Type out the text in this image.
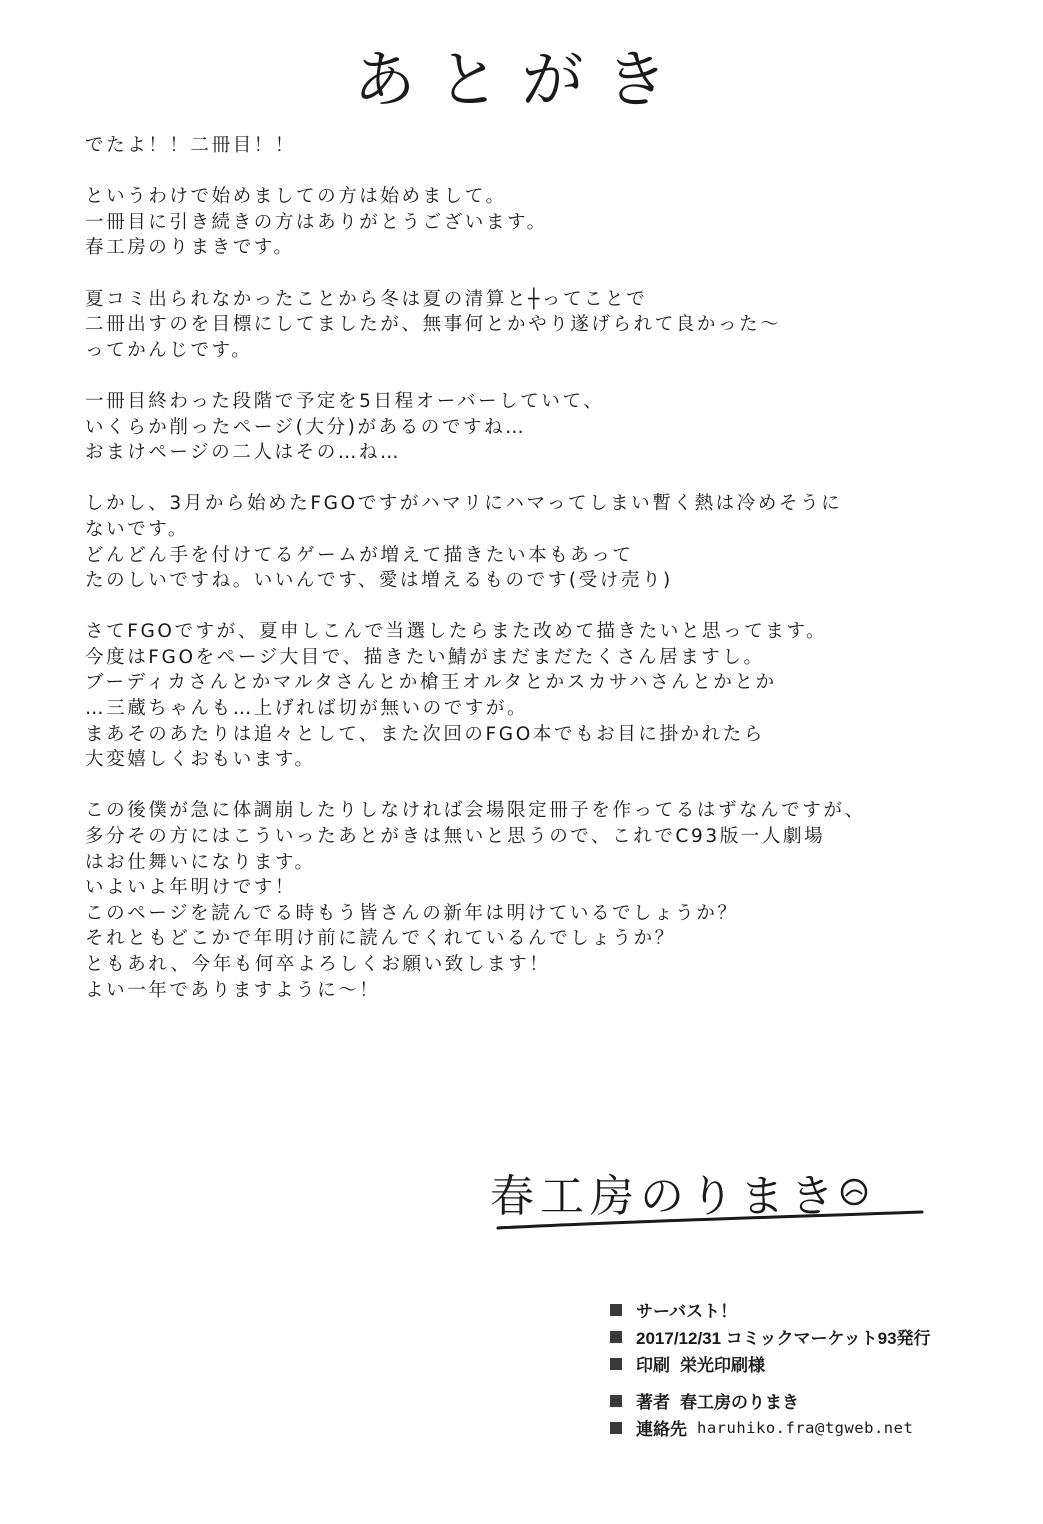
あとがき
でたよ！！二冊目！！
というわけで始めましての方は始めまして。
一冊目に引き続きの方はありがとうございます。
春工房のりまきです。
夏コミ出られなかったことから冬は夏の清算と┼ってことで
二冊出すのを目標にしてましたが、無事何とかやり遂げられて良かった～
ってかんじです。
一冊目終わった段階で予定を5日程オーバーしていて、
いくらか削ったページ(大分)があるのですね…
おまけページの二人はその…ね…
しかし、3月から始めたFGOですがハマリにハマってしまい暫く熱は冷めそうに
ないです。
どんどん手を付けてるゲームが増えて描きたい本もあって
たのしいですね。いいんです、愛は増えるものです(受け売り)
さてFGOですが、夏申しこんで当選したらまた改めて描きたいと思ってます。
今度はFGOをページ大目で、描きたい鯖がまだまだたくさん居ますし。
ブーディカさんとかマルタさんとか槍王オルタとかスカサハさんとかとか
…三蔵ちゃんも…上げれば切が無いのですが。
まあそのあたりは追々として、また次回のFGO本でもお目に掛かれたら
大変嬉しくおもいます。
この後僕が急に体調崩したりしなければ会場限定冊子を作ってるはずなんですが、
多分その方にはこういったあとがきは無いと思うので、これでC93版一人劇場
はお仕舞いになります。
いよいよ年明けです！
このページを読んでる時もう皆さんの新年は明けているでしょうか？
それともどこかで年明け前に読んでくれているんでしょうか？
ともあれ、今年も何卒よろしくお願い致します！
よい一年でありますように～！
春工房のりまき
サーバスト！
2017/12/31 コミックマーケット93発行
印刷 栄光印刷様
著者 春工房のりまき
連絡先 haruhiko.fra@tgweb.net
